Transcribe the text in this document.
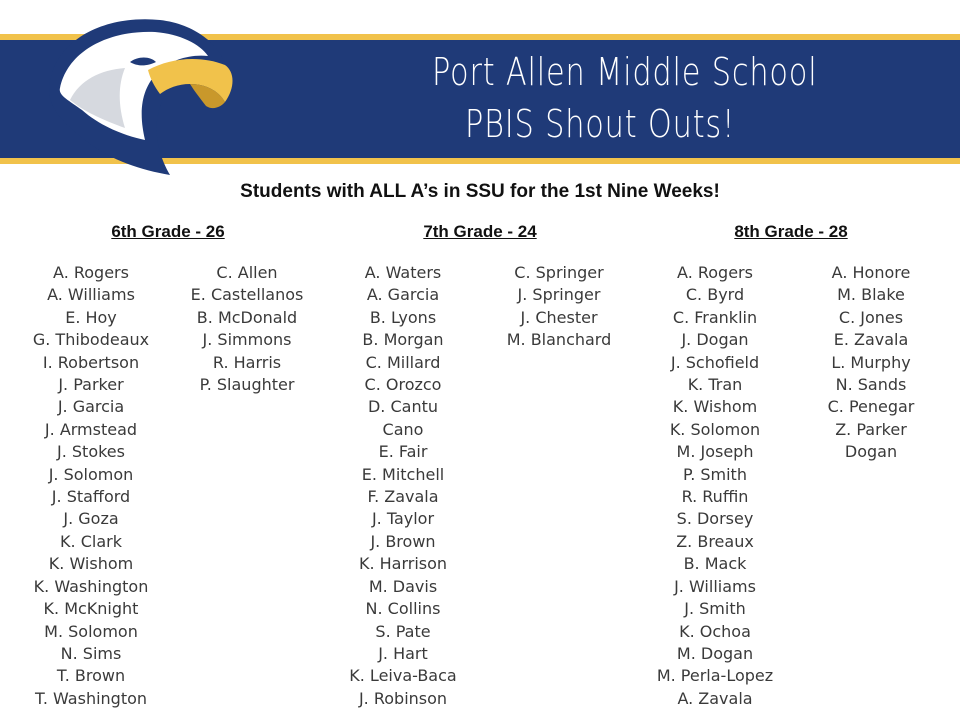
Port Allen Middle School
PBIS Shout Outs!
Students with ALL A’s in SSU for the 1st Nine Weeks!
6th Grade - 26	7th Grade - 24	8th Grade - 28
A. Rogers
A. Williams
E. Hoy
G. Thibodeaux
I. Robertson
J. Parker
J. Garcia
J. Armstead
J. Stokes
J. Solomon
J. Stafford
J. Goza
K. Clark
K. Wishom
K. Washington
K. McKnight
M. Solomon
N. Sims
T. Brown
T. Washington
C. Allen
E. Castellanos
B. McDonald
J. Simmons
R. Harris
P. Slaughter
A. Waters
A. Garcia
B. Lyons
B. Morgan
C. Millard
C. Orozco
D. Cantu
Cano
E. Fair
E. Mitchell
F. Zavala
J. Taylor
J. Brown
K. Harrison
M. Davis
N. Collins
S. Pate
J. Hart
K. Leiva-Baca
J. Robinson
C. Springer
J. Springer
J. Chester
M. Blanchard
A. Rogers
C. Byrd
C. Franklin
J. Dogan
J. Schofield
K. Tran
K. Wishom
K. Solomon
M. Joseph
P. Smith
R. Ruffin
S. Dorsey
Z. Breaux
B. Mack
J. Williams
J. Smith
K. Ochoa
M. Dogan
M. Perla-Lopez
A. Zavala
A. Honore
M. Blake
C. Jones
E. Zavala
L. Murphy
N. Sands
C. Penegar
Z. Parker
Dogan
